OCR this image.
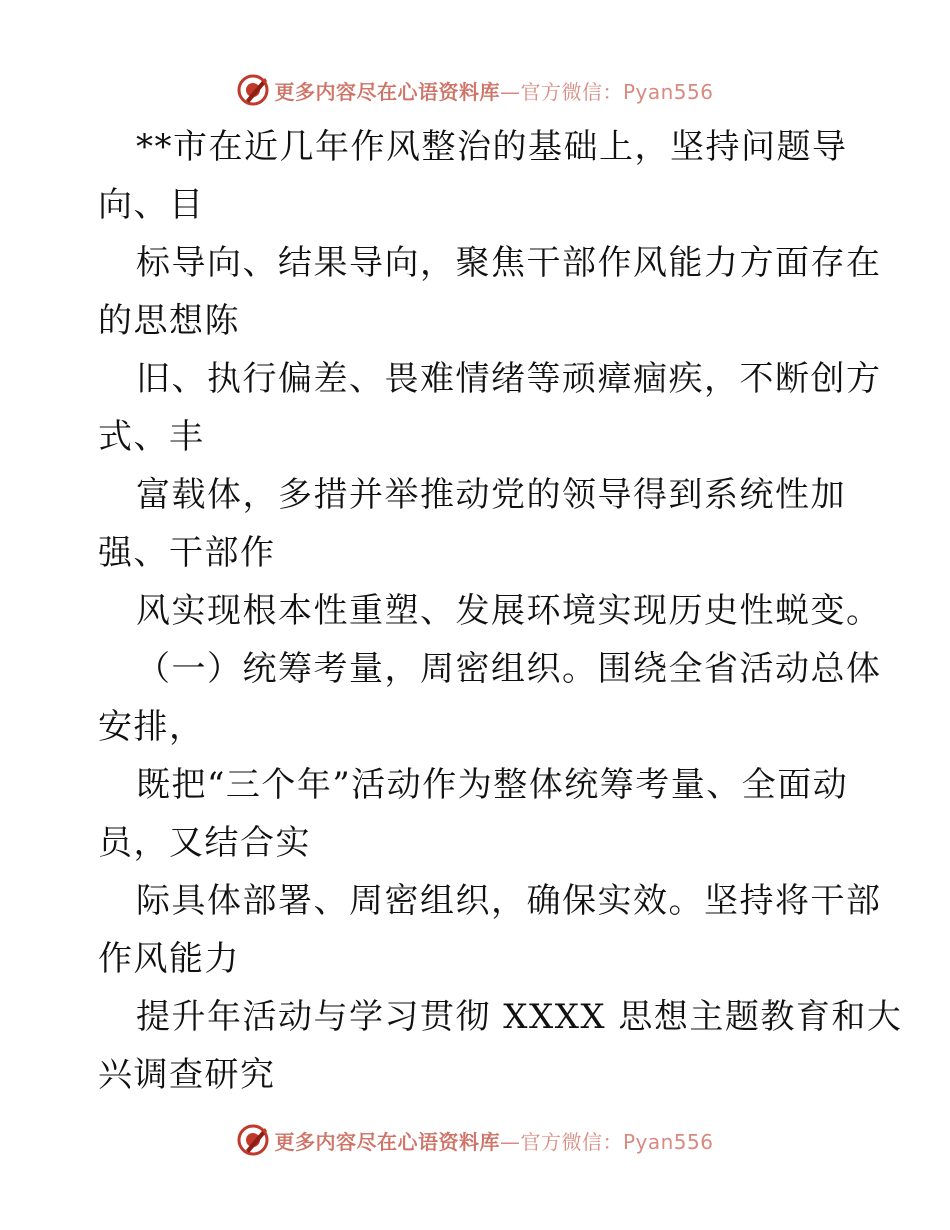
更多内容尽在心语资料库—官方微信：Pyan556
**市在近几年作风整治的基础上，坚持问题导
向、目
标导向、结果导向，聚焦干部作风能力方面存在
的思想陈
旧、执行偏差、畏难情绪等顽瘴痼疾，不断创方
式、丰
富载体，多措并举推动党的领导得到系统性加
强、干部作
风实现根本性重塑、发展环境实现历史性蜕变。
（一）统筹考量，周密组织。围绕全省活动总体
安排，
既把“三个年”活动作为整体统筹考量、全面动
员，又结合实
际具体部署、周密组织，确保实效。坚持将干部
作风能力
提升年活动与学习贯彻 XXXX 思想主题教育和大
兴调查研究
更多内容尽在心语资料库—官方微信：Pyan556
